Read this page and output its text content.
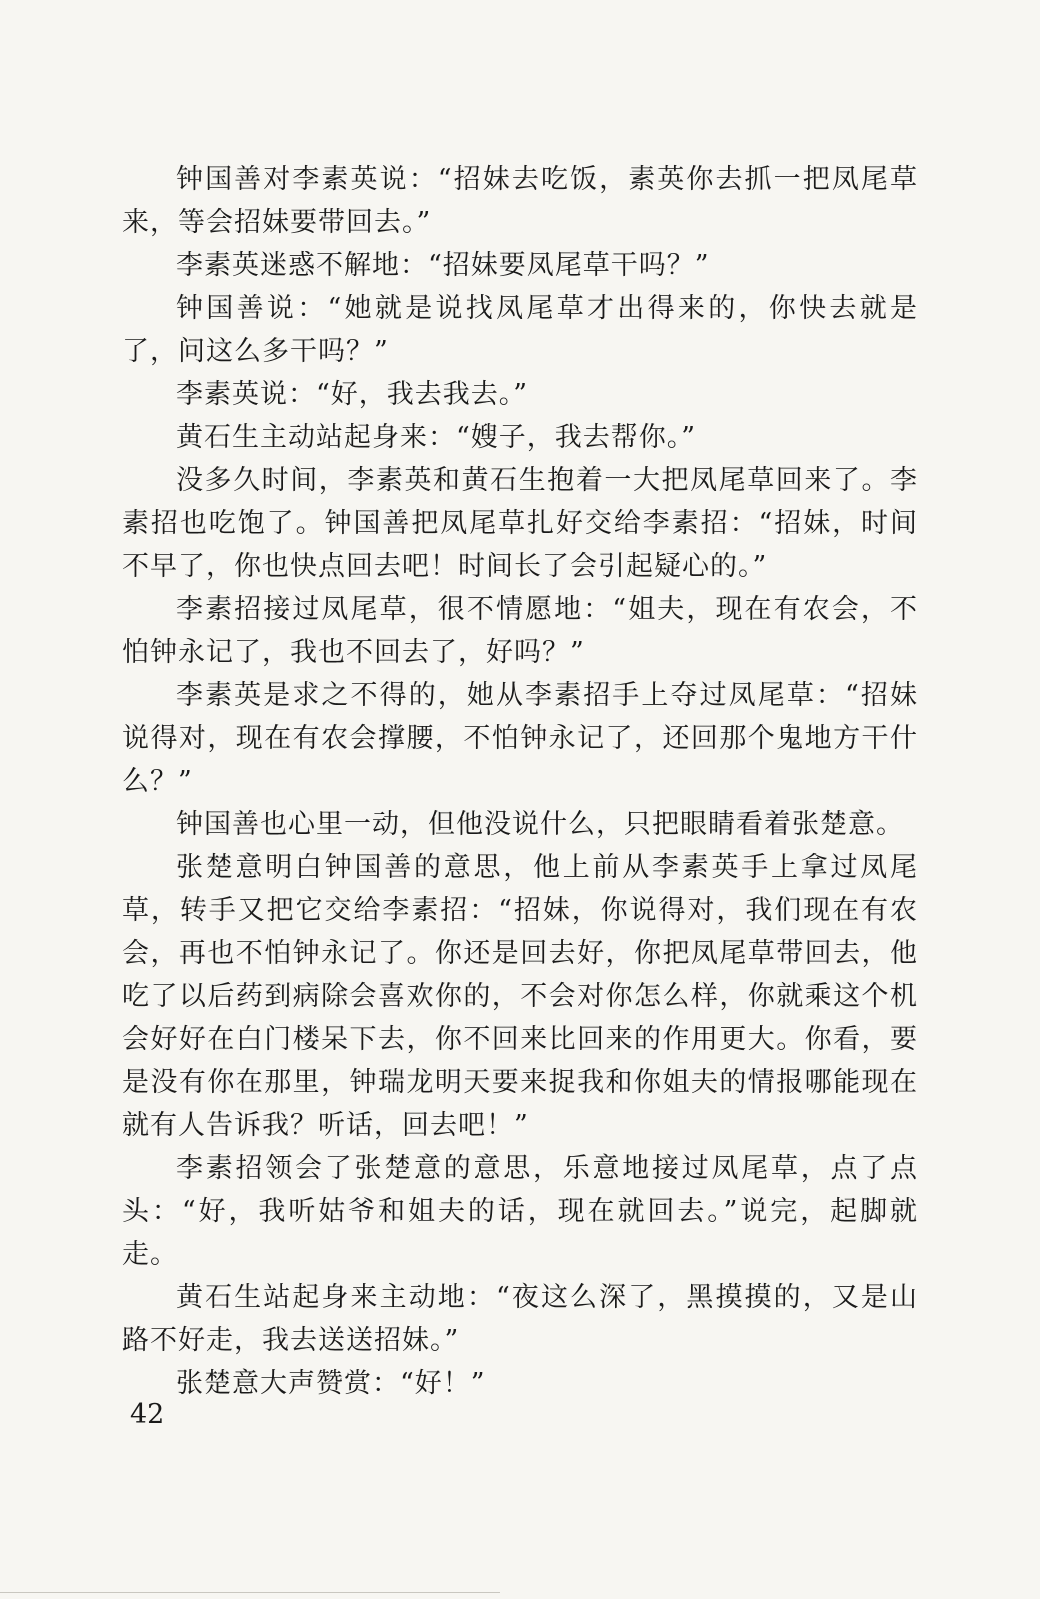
钟国善对李素英说：“招妹去吃饭，素英你去抓一把凤尾草来，等会招妹要带回去。”

李素英迷惑不解地：“招妹要凤尾草干吗？”

钟国善说：“她就是说找凤尾草才出得来的，你快去就是了，问这么多干吗？”

李素英说：“好，我去我去。”

黄石生主动站起身来：“嫂子，我去帮你。”

没多久时间，李素英和黄石生抱着一大把凤尾草回来了。李素招也吃饱了。钟国善把凤尾草扎好交给李素招：“招妹，时间不早了，你也快点回去吧！时间长了会引起疑心的。”

李素招接过凤尾草，很不情愿地：“姐夫，现在有农会，不怕钟永记了，我也不回去了，好吗？”

李素英是求之不得的，她从李素招手上夺过凤尾草：“招妹说得对，现在有农会撑腰，不怕钟永记了，还回那个鬼地方干什么？”

钟国善也心里一动，但他没说什么，只把眼睛看着张楚意。

张楚意明白钟国善的意思，他上前从李素英手上拿过凤尾草，转手又把它交给李素招：“招妹，你说得对，我们现在有农会，再也不怕钟永记了。你还是回去好，你把凤尾草带回去，他吃了以后药到病除会喜欢你的，不会对你怎么样，你就乘这个机会好好在白门楼呆下去，你不回来比回来的作用更大。你看，要是没有你在那里，钟瑞龙明天要来捉我和你姐夫的情报哪能现在就有人告诉我？听话，回去吧！”

李素招领会了张楚意的意思，乐意地接过凤尾草，点了点头：“好，我听姑爷和姐夫的话，现在就回去。”说完，起脚就走。

黄石生站起身来主动地：“夜这么深了，黑摸摸的，又是山路不好走，我去送送招妹。”

张楚意大声赞赏：“好！”

42
